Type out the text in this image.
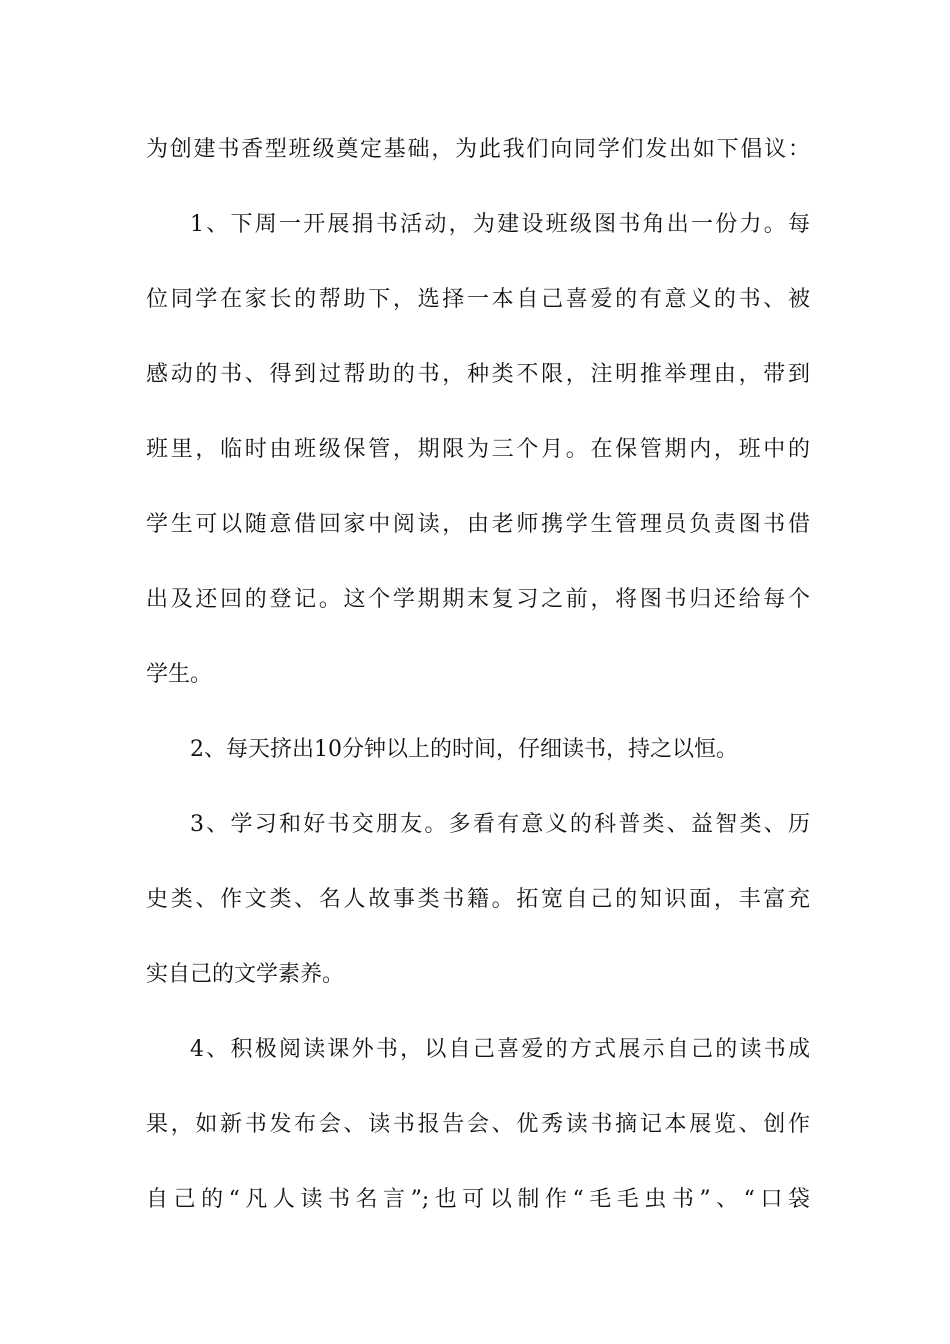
为创建书香型班级奠定基础，为此我们向同学们发出如下倡议：
1、下周一开展捐书活动，为建设班级图书角出一份力。每
位同学在家长的帮助下，选择一本自己喜爱的有意义的书、被
感动的书、得到过帮助的书，种类不限，注明推举理由，带到
班里，临时由班级保管，期限为三个月。在保管期内，班中的
学生可以随意借回家中阅读，由老师携学生管理员负责图书借
出及还回的登记。这个学期期末复习之前，将图书归还给每个
学生。
2、每天挤出10分钟以上的时间，仔细读书，持之以恒。
3、学习和好书交朋友。多看有意义的科普类、益智类、历
史类、作文类、名人故事类书籍。拓宽自己的知识面，丰富充
实自己的文学素养。
4、积极阅读课外书，以自己喜爱的方式展示自己的读书成
果，如新书发布会、读书报告会、优秀读书摘记本展览、创作
自己的“凡人读书名言”;也可以制作“毛毛虫书”、“口袋
